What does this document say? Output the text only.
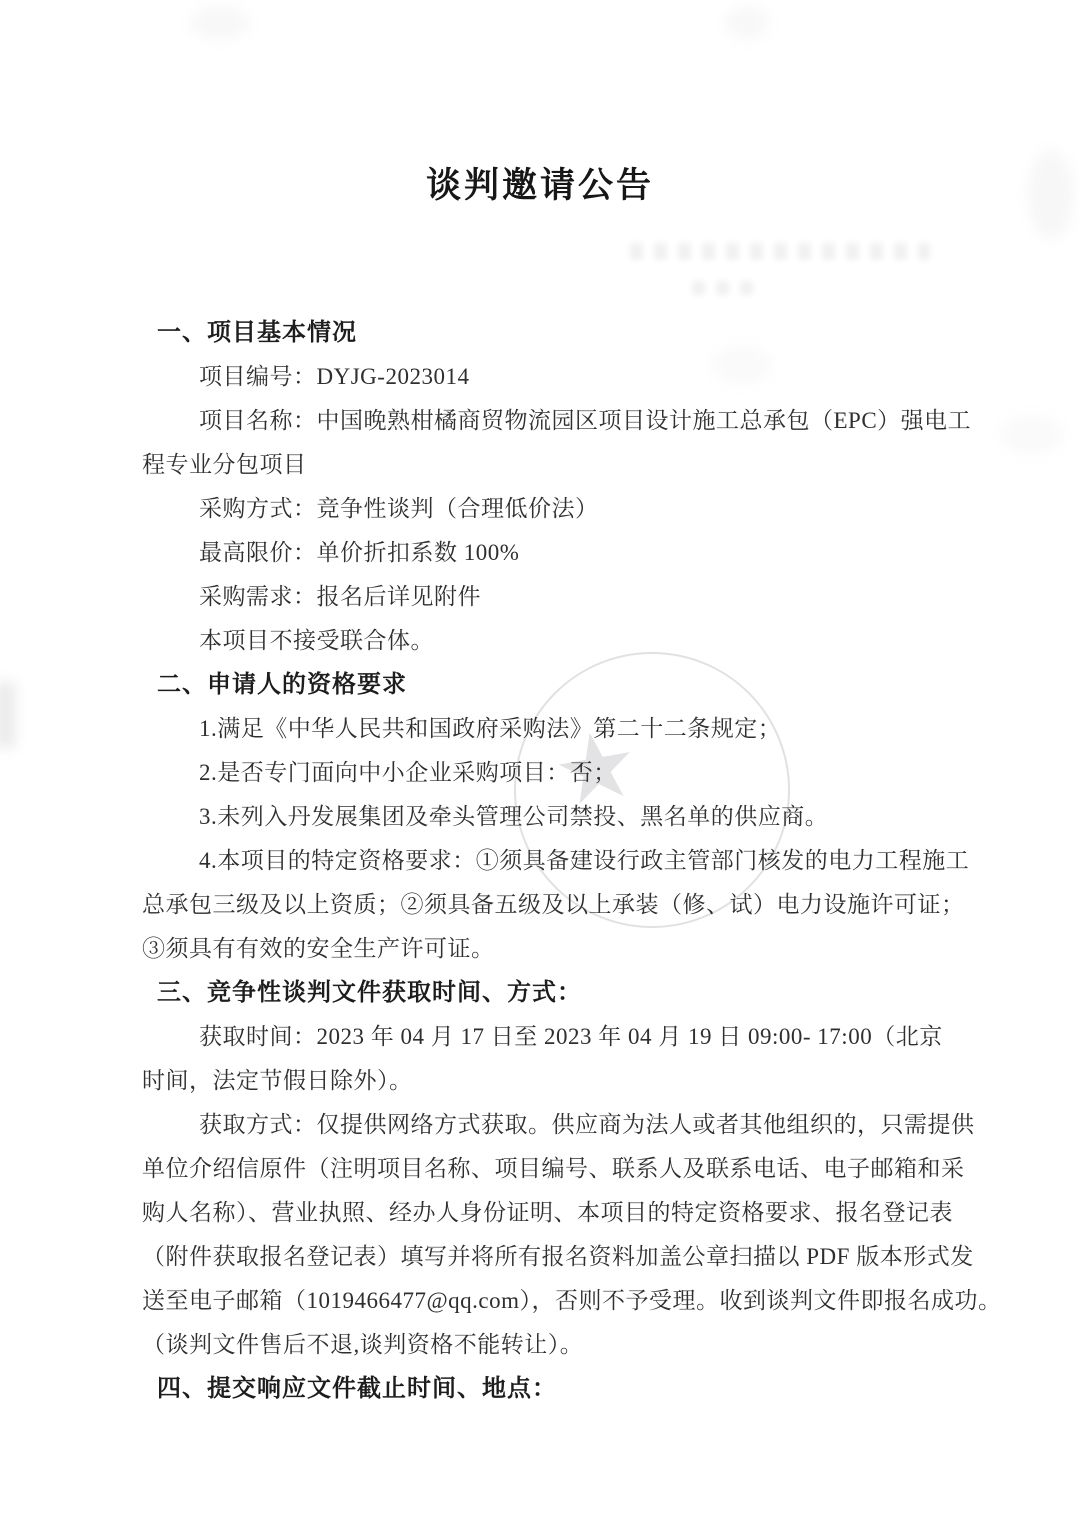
★
谈判邀请公告

一、项目基本情况

项目编号：DYJG-2023014

项目名称：中国晚熟柑橘商贸物流园区项目设计施工总承包（EPC）强电工

程专业分包项目

采购方式：竞争性谈判（合理低价法）

最高限价：单价折扣系数 100%

采购需求：报名后详见附件

本项目不接受联合体。

二、申请人的资格要求

1.满足《中华人民共和国政府采购法》第二十二条规定；

2.是否专门面向中小企业采购项目：否；

3.未列入丹发展集团及牵头管理公司禁投、黑名单的供应商。

4.本项目的特定资格要求：①须具备建设行政主管部门核发的电力工程施工

总承包三级及以上资质；②须具备五级及以上承装（修、试）电力设施许可证；

③须具有有效的安全生产许可证。

三、竞争性谈判文件获取时间、方式：

获取时间：2023 年 04 月 17 日至 2023 年 04 月 19 日 09:00- 17:00（北京

时间，法定节假日除外）。

获取方式：仅提供网络方式获取。供应商为法人或者其他组织的，只需提供

单位介绍信原件（注明项目名称、项目编号、联系人及联系电话、电子邮箱和采

购人名称）、营业执照、经办人身份证明、本项目的特定资格要求、报名登记表

（附件获取报名登记表）填写并将所有报名资料加盖公章扫描以 PDF 版本形式发

送至电子邮箱（1019466477@qq.com），否则不予受理。收到谈判文件即报名成功。

（谈判文件售后不退,谈判资格不能转让）。

四、提交响应文件截止时间、地点：
